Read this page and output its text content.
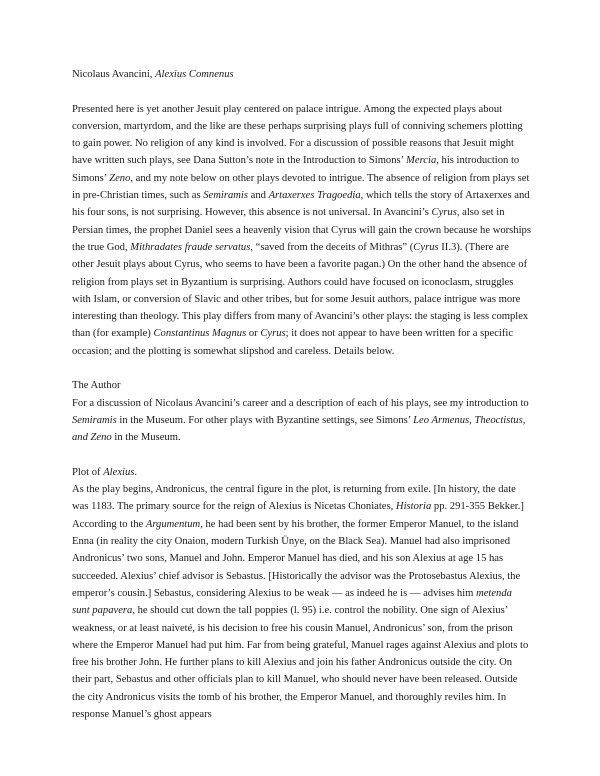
Nicolaus Avancini, Alexius Comnenus

Presented here is yet another Jesuit play centered on palace intrigue. Among the expected plays about conversion, martyrdom, and the like are these perhaps surprising plays full of conniving schemers plotting to gain power. No religion of any kind is involved. For a discussion of possible reasons that Jesuit might have written such plays, see Dana Sutton’s note in the Introduction to Simons’ Mercia, his introduction to Simons’ Zeno, and my note below on other plays devoted to intrigue. The absence of religion from plays set in pre-Christian times, such as Semiramis and Artaxerxes Tragoedia, which tells the story of Artaxerxes and his four sons, is not surprising. However, this absence is not universal. In Avancini’s Cyrus, also set in Persian times, the prophet Daniel sees a heavenly vision that Cyrus will gain the crown because he worships the true God, Mithradates fraude servatus, “saved from the deceits of Mithras” (Cyrus II.3). (There are other Jesuit plays about Cyrus, who seems to have been a favorite pagan.) On the other hand the absence of religion from plays set in Byzantium is surprising. Authors could have focused on iconoclasm, struggles with Islam, or conversion of Slavic and other tribes, but for some Jesuit authors, palace intrigue was more interesting than theology. This play differs from many of Avancini’s other plays: the staging is less complex than (for example) Constantinus Magnus or Cyrus; it does not appear to have been written for a specific occasion; and the plotting is somewhat slipshod and careless. Details below.

The Author

For a discussion of Nicolaus Avancini’s career and a description of each of his plays, see my introduction to Semiramis in the Museum. For other plays with Byzantine settings, see Simons’ Leo Armenus, Theoctistus, and Zeno in the Museum.

Plot of Alexius.

As the play begins, Andronicus, the central figure in the plot, is returning from exile. [In history, the date was 1183. The primary source for the reign of Alexius is Nicetas Choniates, Historia pp. 291-355 Bekker.] According to the Argumentum, he had been sent by his brother, the former Emperor Manuel, to the island Enna (in reality the city Onaion, modern Turkish Ünye, on the Black Sea). Manuel had also imprisoned Andronicus’ two sons, Manuel and John. Emperor Manuel has died, and his son Alexius at age 15 has succeeded. Alexius’ chief advisor is Sebastus. [Historically the advisor was the Protosebastus Alexius, the emperor’s cousin.] Sebastus, considering Alexius to be weak — as indeed he is — advises him metenda sunt papavera, he should cut down the tall poppies (l. 95) i.e. control the nobility. One sign of Alexius’ weakness, or at least naiveté, is his decision to free his cousin Manuel, Andronicus’ son, from the prison where the Emperor Manuel had put him. Far from being grateful, Manuel rages against Alexius and plots to free his brother John. He further plans to kill Alexius and join his father Andronicus outside the city. On their part, Sebastus and other officials plan to kill Manuel, who should never have been released. Outside the city Andronicus visits the tomb of his brother, the Emperor Manuel, and thoroughly reviles him. In response Manuel’s ghost appears
